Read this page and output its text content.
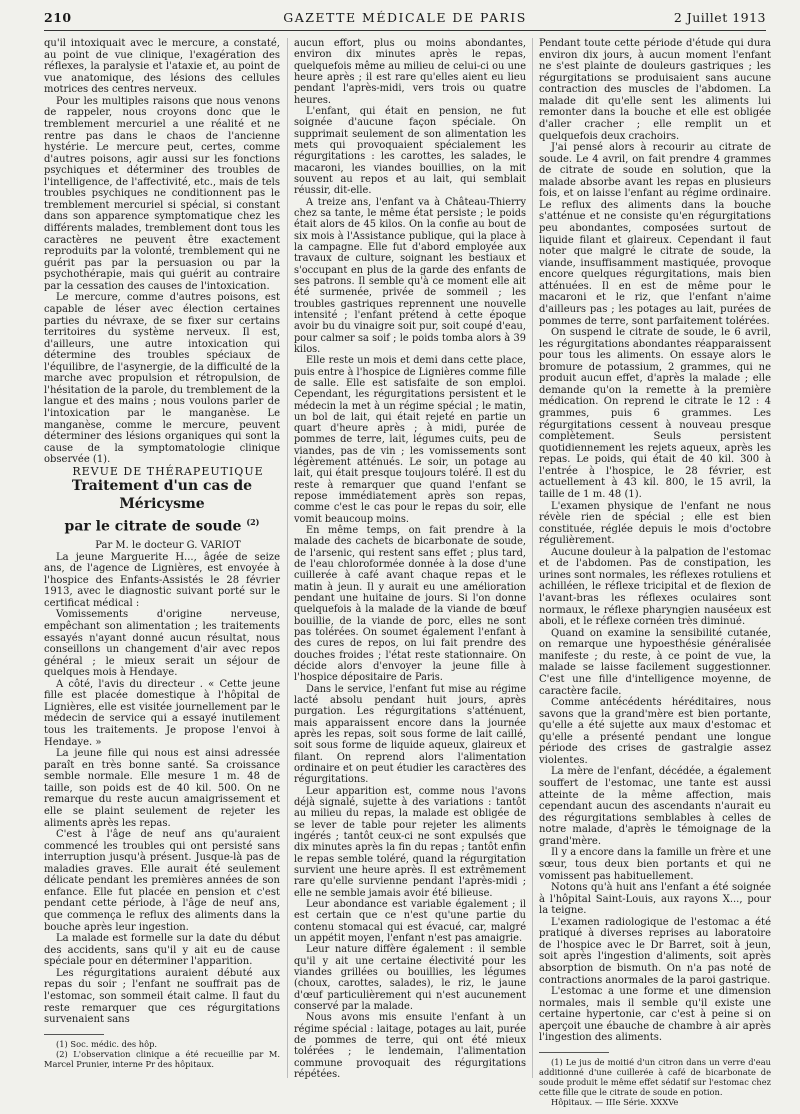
210	GAZETTE MÉDICALE DE PARIS	2 Juillet 1913

qu'il intoxiquait avec le mercure, a constaté, au point de vue clinique, l'exagération des réflexes, la paralysie et l'ataxie et, au point de vue anatomique, des lésions des cellules motrices des centres nerveux.

Pour les multiples raisons que nous venons de rappeler, nous croyons donc que le tremblement mercuriel a une réalité et ne rentre pas dans le chaos de l'ancienne hystérie. Le mercure peut, certes, comme d'autres poisons, agir aussi sur les fonctions psychiques et déterminer des troubles de l'intelligence, de l'affectivité, etc., mais de tels troubles psychiques ne conditionnent pas le tremblement mercuriel si spécial, si constant dans son apparence symptomatique chez les différents malades, tremblement dont tous les caractères ne peuvent être exactement reproduits par la volonté, tremblement qui ne guérit pas par la persuasion ou par la psychothérapie, mais qui guérit au contraire par la cessation des causes de l'intoxication.

Le mercure, comme d'autres poisons, est capable de léser avec élection certaines parties du névraxe, de se fixer sur certains territoires du système nerveux. Il est, d'ailleurs, une autre intoxication qui détermine des troubles spéciaux de l'équilibre, de l'asynergie, de la difficulté de la marche avec propulsion et rétropulsion, de l'hésitation de la parole, du tremblement de la langue et des mains ; nous voulons parler de l'intoxication par le manganèse. Le manganèse, comme le mercure, peuvent déterminer des lésions organiques qui sont la cause de la symptomatologie clinique observée (1).

REVUE DE THÉRAPEUTIQUE

Traitement d'un cas de Méricysme
par le citrate de soude $^{(2)}$

Par M. le docteur G. VARIOT

La jeune Marguerite H..., âgée de seize ans, de l'agence de Lignières, est envoyée à l'hospice des Enfants-Assistés le 28 février 1913, avec le diagnostic suivant porté sur le certificat médical :

Vomissements d'origine nerveuse, empêchant son alimentation ; les traitements essayés n'ayant donné aucun résultat, nous conseillons un changement d'air avec repos général ; le mieux serait un séjour de quelques mois à Hendaye.

A côté, l'avis du directeur . « Cette jeune fille est placée domestique à l'hôpital de Lignières, elle est visitée journellement par le médecin de service qui a essayé inutilement tous les traitements. Je propose l'envoi à Hendaye. »

La jeune fille qui nous est ainsi adressée paraît en très bonne santé. Sa croissance semble normale. Elle mesure 1 m. 48 de taille, son poids est de 40 kil. 500. On ne remarque du reste aucun amaigrissement et elle se plaint seulement de rejeter les aliments après les repas.

C'est à l'âge de neuf ans qu'auraient commencé les troubles qui ont persisté sans interruption jusqu'à présent. Jusque-là pas de maladies graves. Elle aurait été seulement délicate pendant les premières années de son enfance. Elle fut placée en pension et c'est pendant cette période, à l'âge de neuf ans, que commença le reflux des aliments dans la bouche après leur ingestion.

La malade est formelle sur la date du début des accidents, sans qu'il y ait eu de cause spéciale pour en déterminer l'apparition.

Les régurgitations auraient débuté aux repas du soir ; l'enfant ne souffrait pas de l'estomac, son sommeil était calme. Il faut du reste remarquer que ces régurgitations survenaient sans

(1) Soc. médic. des hôp.

(2) L'observation clinique a été recueillie par M. Marcel Prunier, interne Pr des hôpitaux.

aucun effort, plus ou moins abondantes, environ dix minutes après le repas, quelquefois même au milieu de celui-ci ou une heure après ; il est rare qu'elles aient eu lieu pendant l'après-midi, vers trois ou quatre heures.

L'enfant, qui était en pension, ne fut soignée d'aucune façon spéciale. On supprimait seulement de son alimentation les mets qui provoquaient spécialement les régurgitations : les carottes, les salades, le macaroni, les viandes bouillies, on la mit souvent au repos et au lait, qui semblait réussir, dit-elle.

A treize ans, l'enfant va à Château-Thierry chez sa tante, le même état persiste ; le poids était alors de 45 kilos. On la confie au bout de six mois à l'Assistance publique, qui la place à la campagne. Elle fut d'abord employée aux travaux de culture, soignant les bestiaux et s'occupant en plus de la garde des enfants de ses patrons. Il semble qu'à ce moment elle ait été surmenée, privée de sommeil ; les troubles gastriques reprennent une nouvelle intensité ; l'enfant prétend à cette époque avoir bu du vinaigre soit pur, soit coupé d'eau, pour calmer sa soif ; le poids tomba alors à 39 kilos.

Elle reste un mois et demi dans cette place, puis entre à l'hospice de Lignières comme fille de salle. Elle est satisfaite de son emploi. Cependant, les régurgitations persistent et le médecin la met à un régime spécial ; le matin, un bol de lait, qui était rejeté en partie un quart d'heure après ; à midi, purée de pommes de terre, lait, légumes cuits, peu de viandes, pas de vin ; les vomissements sont légèrement atténués. Le soir, un potage au lait, qui était presque toujours toléré. Il est du reste à remarquer que quand l'enfant se repose immédiatement après son repas, comme c'est le cas pour le repas du soir, elle vomit beaucoup moins.

En même temps, on fait prendre à la malade des cachets de bicarbonate de soude, de l'arsenic, qui restent sans effet ; plus tard, de l'eau chloroformée donnée à la dose d'une cuillerée à café avant chaque repas et le matin à jeun. Il y aurait eu une amélioration pendant une huitaine de jours. Si l'on donne quelquefois à la malade de la viande de bœuf bouillie, de la viande de porc, elles ne sont pas tolérées. On soumet également l'enfant à des cures de repos, on lui fait prendre des douches froides ; l'état reste stationnaire. On décide alors d'envoyer la jeune fille à l'hospice dépositaire de Paris.

Dans le service, l'enfant fut mise au régime lacté absolu pendant huit jours, après purgation. Les régurgitations s'atténuent, mais apparaissent encore dans la journée après les repas, soit sous forme de lait caillé, soit sous forme de liquide aqueux, glaireux et filant. On reprend alors l'alimentation ordinaire et on peut étudier les caractères des régurgitations.

Leur apparition est, comme nous l'avons déjà signalé, sujette à des variations : tantôt au milieu du repas, la malade est obligée de se lever de table pour rejeter les aliments ingérés ; tantôt ceux-ci ne sont expulsés que dix minutes après la fin du repas ; tantôt enfin le repas semble toléré, quand la régurgitation survient une heure après. Il est extrêmement rare qu'elle survienne pendant l'après-midi ; elle ne semble jamais avoir été bilieuse.

Leur abondance est variable également ; il est certain que ce n'est qu'une partie du contenu stomacal qui est évacué, car, malgré un appétit moyen, l'enfant n'est pas amaigrie.

Leur nature diffère également : il semble qu'il y ait une certaine électivité pour les viandes grillées ou bouillies, les légumes (choux, carottes, salades), le riz, le jaune d'œuf particulièrement qui n'est aucunement conservé par la malade.

Nous avons mis ensuite l'enfant à un régime spécial : laitage, potages au lait, purée de pommes de terre, qui ont été mieux tolérées ; le lendemain, l'alimentation commune provoquait des régurgitations répétées.

Pendant toute cette période d'étude qui dura environ dix jours, à aucun moment l'enfant ne s'est plainte de douleurs gastriques ; les régurgitations se produisaient sans aucune contraction des muscles de l'abdomen. La malade dit qu'elle sent les aliments lui remonter dans la bouche et elle est obligée d'aller cracher ; elle remplit un et quelquefois deux crachoirs.

J'ai pensé alors à recourir au citrate de soude. Le 4 avril, on fait prendre 4 grammes de citrate de soude en solution, que la malade absorbe avant les repas en plusieurs fois, et on laisse l'enfant au régime ordinaire. Le reflux des aliments dans la bouche s'atténue et ne consiste qu'en régurgitations peu abondantes, composées surtout de liquide filant et glaireux. Cependant il faut noter que malgré le citrate de soude, la viande, insuffisamment mastiquée, provoque encore quelques régurgitations, mais bien atténuées. Il en est de même pour le macaroni et le riz, que l'enfant n'aime d'ailleurs pas ; les potages au lait, purées de pommes de terre, sont parfaitement tolérées.

On suspend le citrate de soude, le 6 avril, les régurgitations abondantes réapparaissent pour tous les aliments. On essaye alors le bromure de potassium, 2 grammes, qui ne produit aucun effet, d'après la malade ; elle demande qu'on la remette à la première médication. On reprend le citrate le 12 : 4 grammes, puis 6 grammes. Les régurgitations cessent à nouveau presque complètement. Seuls persistent quotidiennement les rejets aqueux, après les repas. Le poids, qui était de 40 kil. 300 à l'entrée à l'hospice, le 28 février, est actuellement à 43 kil. 800, le 15 avril, la taille de 1 m. 48 (1).

L'examen physique de l'enfant ne nous révèle rien de spécial ; elle est bien constituée, réglée depuis le mois d'octobre régulièrement.

Aucune douleur à la palpation de l'estomac et de l'abdomen. Pas de constipation, les urines sont normales, les réflexes rotuliens et achilléen, le réflexe tricipital et de flexion de l'avant-bras les réflexes oculaires sont normaux, le réflexe pharyngien nauséeux est aboli, et le réflexe cornéen très diminué.

Quand on examine la sensibilité cutanée, on remarque une hypoesthésie généralisée manifeste ; du reste, à ce point de vue, la malade se laisse facilement suggestionner. C'est une fille d'intelligence moyenne, de caractère facile.

Comme antécédents héréditaires, nous savons que la grand'mère est bien portante, qu'elle a été sujette aux maux d'estomac et qu'elle a présenté pendant une longue période des crises de gastralgie assez violentes.

La mère de l'enfant, décédée, a également souffert de l'estomac, une tante est aussi atteinte de la même affection, mais cependant aucun des ascendants n'aurait eu des régurgitations semblables à celles de notre malade, d'après le témoignage de la grand'mère.

Il y a encore dans la famille un frère et une sœur, tous deux bien portants et qui ne vomissent pas habituellement.

Notons qu'à huit ans l'enfant a été soignée à l'hôpital Saint-Louis, aux rayons X..., pour la teigne.

L'examen radiologique de l'estomac a été pratiqué à diverses reprises au laboratoire de l'hospice avec le Dr Barret, soit à jeun, soit après l'ingestion d'aliments, soit après absorption de bismuth. On n'a pas noté de contractions anormales de la paroi gastrique.

L'estomac a une forme et une dimension normales, mais il semble qu'il existe une certaine hypertonie, car c'est à peine si on aperçoit une ébauche de chambre à air après l'ingestion des aliments.

(1) Le jus de moitié d'un citron dans un verre d'eau additionné d'une cuillerée à café de bicarbonate de soude produit le même effet sédatif sur l'estomac chez cette fille que le citrate de soude en potion.

Hôpitaux. — IIIe Série. XXXVe
